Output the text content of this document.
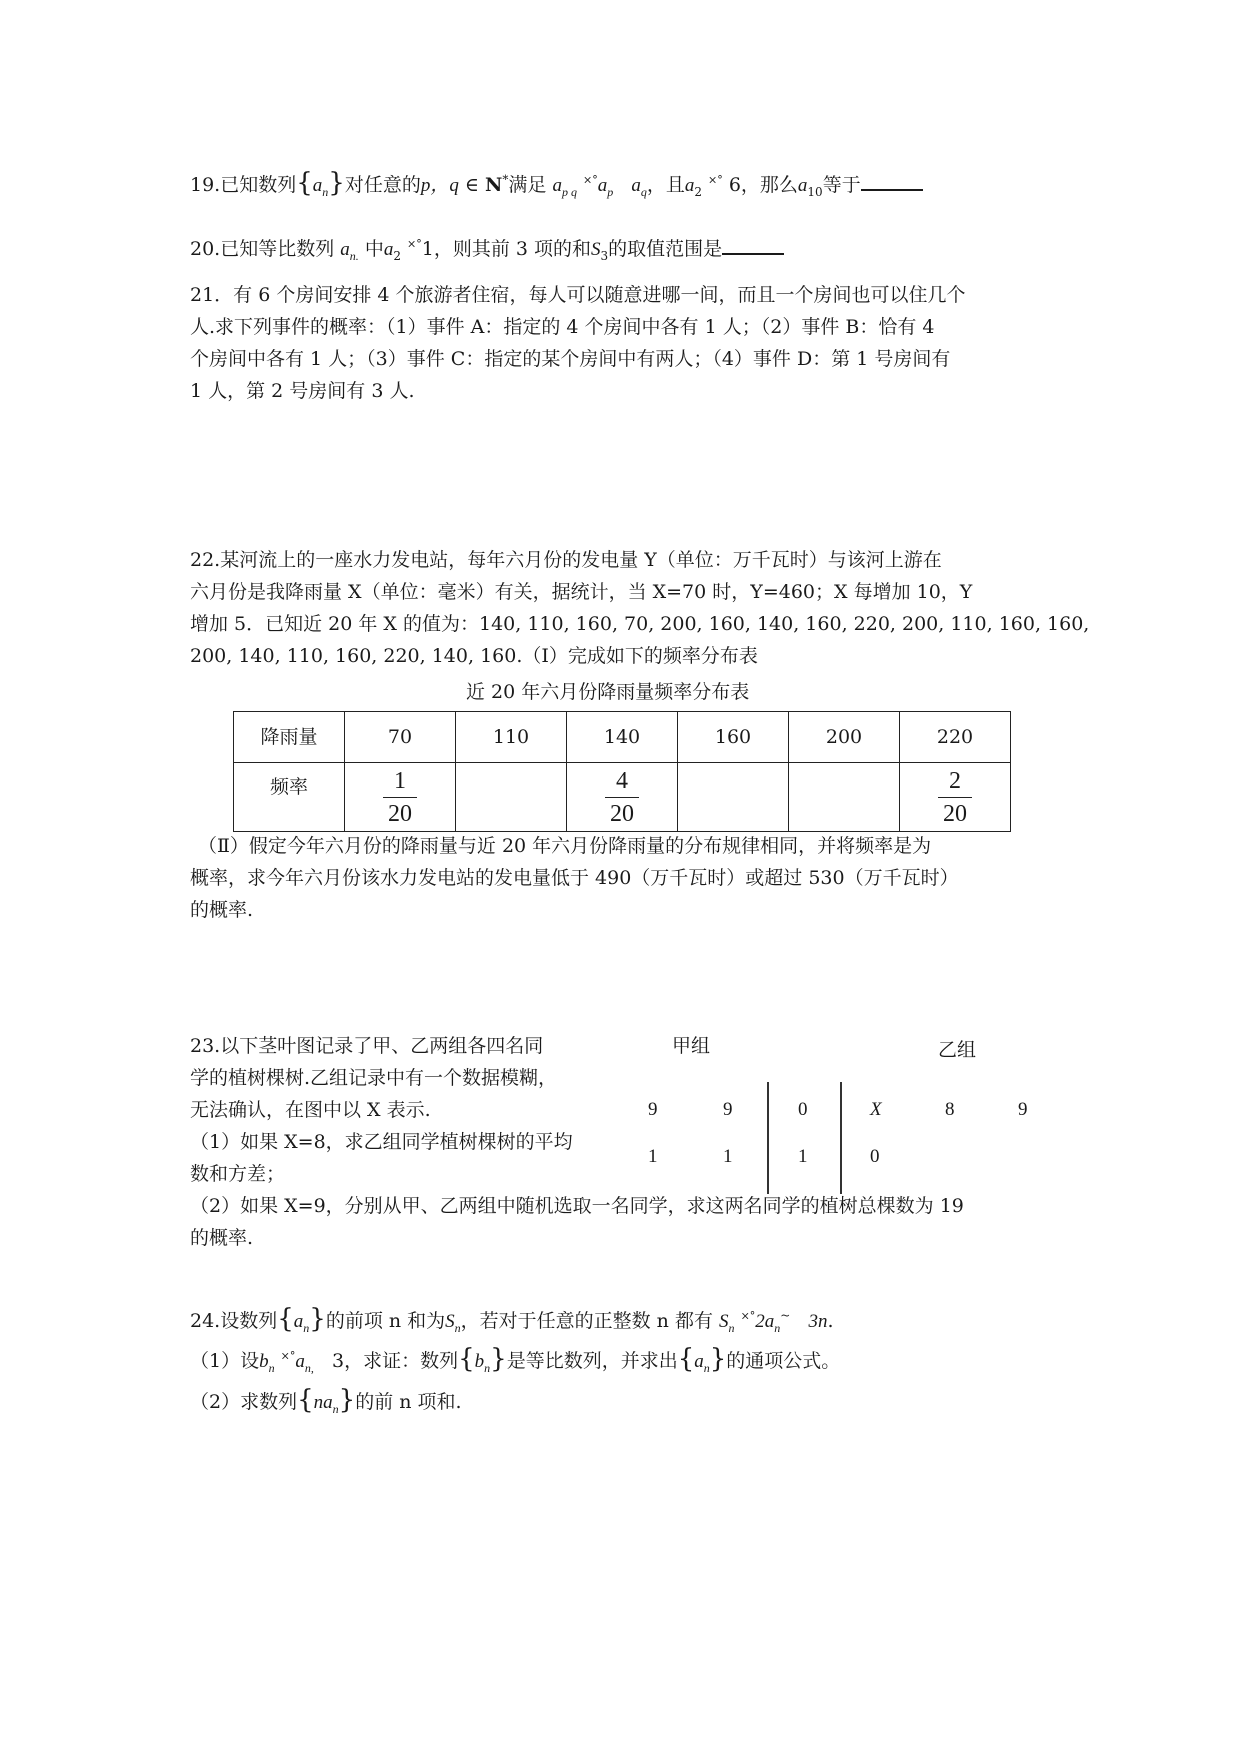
19.已知数列$\{a_n\}$对任意的p，q ∈ N*满足 $a_{p q}$ $^{\times^\circ}a_p$ $a_q$，且$a_2$ ×° 6，那么$a_{10}$等于
20.已知等比数列 $a_{n.}$ 中$a_2$ ×°1，则其前 3 项的和$S_3$的取值范围是
21．有 6 个房间安排 4 个旅游者住宿，每人可以随意进哪一间，而且一个房间也可以住几个
人.求下列事件的概率：（1）事件 A：指定的 4 个房间中各有 1 人；（2）事件 B：恰有 4
个房间中各有 1 人；（3）事件 C：指定的某个房间中有两人；（4）事件 D：第 1 号房间有
1 人，第 2 号房间有 3 人.
22.某河流上的一座水力发电站，每年六月份的发电量 Y（单位：万千瓦时）与该河上游在
六月份是我降雨量 X（单位：毫米）有关，据统计，当 X=70 时，Y=460；X 每增加 10，Y
增加 5．已知近 20 年 X 的值为：140, 110, 160, 70, 200, 160, 140, 160, 220, 200, 110, 160, 160,
200, 140, 110, 160, 220, 140, 160.（Ⅰ）完成如下的频率分布表
近 20 年六月份降雨量频率分布表
降雨量	70	110	140	160	200	220
频率	$\frac{1}{20}$		$\frac{4}{20}$			$\frac{2}{20}$
（Ⅱ）假定今年六月份的降雨量与近 20 年六月份降雨量的分布规律相同，并将频率是为
概率，求今年六月份该水力发电站的发电量低于 490（万千瓦时）或超过 530（万千瓦时）
的概率.
23.以下茎叶图记录了甲、乙两组各四名同
学的植树棵树.乙组记录中有一个数据模糊，
无法确认，在图中以 X 表示.
（1）如果 X=8，求乙组同学植树棵树的平均
数和方差；
（2）如果 X=9，分别从甲、乙两组中随机选取一名同学，求这两名同学的植树总棵数为 19
的概率.
甲组	乙组
9	9	0	X	8	9
1	1	1	0
24.设数列$\{a_n\}$的前项 n 和为$S_n$，若对于任意的正整数 n 都有 $S_n$ $^{\times^\circ}2a_n^\sim$ 3n.
（1）设$b_n$ $^{\times^\circ}a_{n,}$ 3，求证：数列$\{b_n\}$是等比数列，并求出$\{a_n\}$的通项公式。
（2）求数列$\{na_n\}$的前 n 项和.
